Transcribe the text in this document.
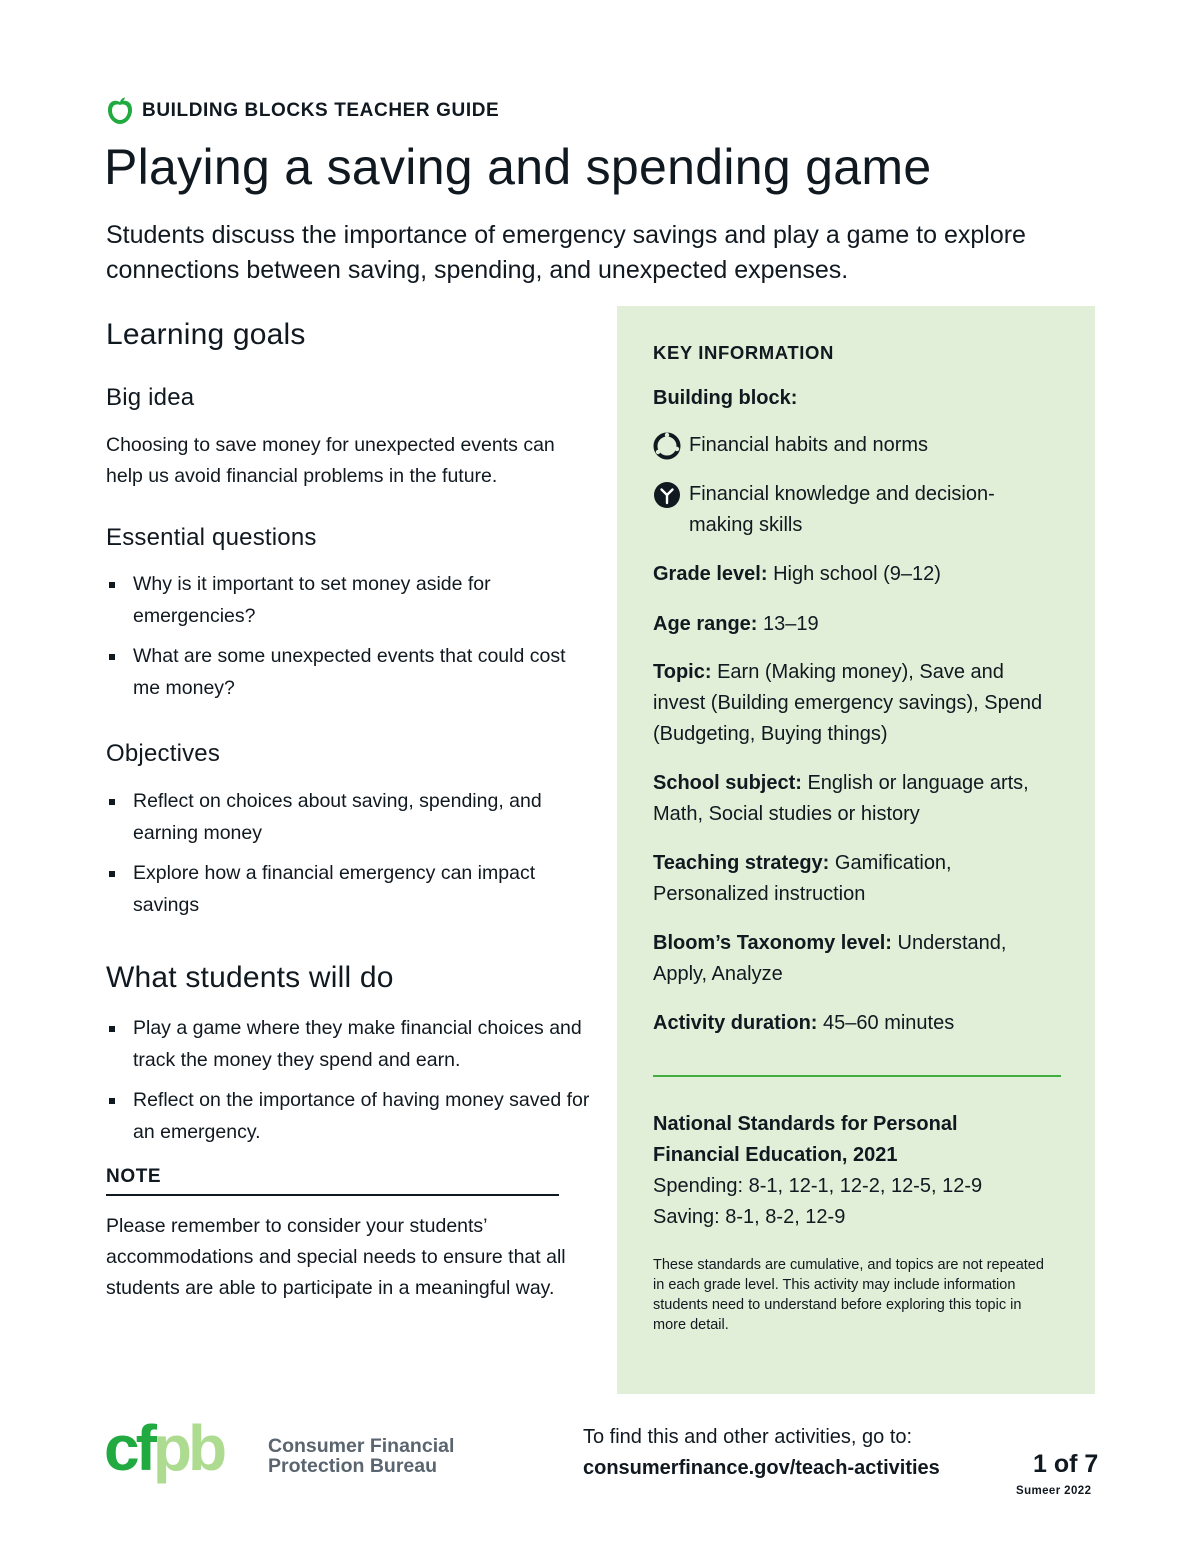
BUILDING BLOCKS TEACHER GUIDE
Playing a saving and spending game

Students discuss the importance of emergency savings and play a game to explore connections between saving, spending, and unexpected expenses.

Learning goals
Big idea

Choosing to save money for unexpected events can help us avoid financial problems in the future.

Essential questions
Why is it important to set money aside for emergencies?
What are some unexpected events that could cost me money?
Objectives
Reflect on choices about saving, spending, and earning money
Explore how a financial emergency can impact savings
What students will do
Play a game where they make financial choices and track the money they spend and earn.
Reflect on the importance of having money saved for an emergency.
NOTE

Please remember to consider your students’ accommodations and special needs to ensure that all students are able to participate in a meaningful way.

KEY INFORMATION
Building block:
Financial habits and norms
Financial knowledge and decision-making skills
Grade level: High school (9–12)
Age range: 13–19
Topic: Earn (Making money), Save and invest (Building emergency savings), Spend (Budgeting, Buying things)
School subject: English or language arts, Math, Social studies or history
Teaching strategy: Gamification, Personalized instruction
Bloom’s Taxonomy level: Understand, Apply, Analyze
Activity duration: 45–60 minutes
National Standards for Personal Financial Education, 2021
Spending: 8-1, 12-1, 12-2, 12-5, 12-9
Saving: 8-1, 8-2, 12-9

These standards are cumulative, and topics are not repeated in each grade level. This activity may include information students need to understand before exploring this topic in more detail.

cfpb Consumer Financial
Protection Bureau
To find this and other activities, go to:
consumerfinance.gov/teach-activities	1 of 7
Sumeer 2022
